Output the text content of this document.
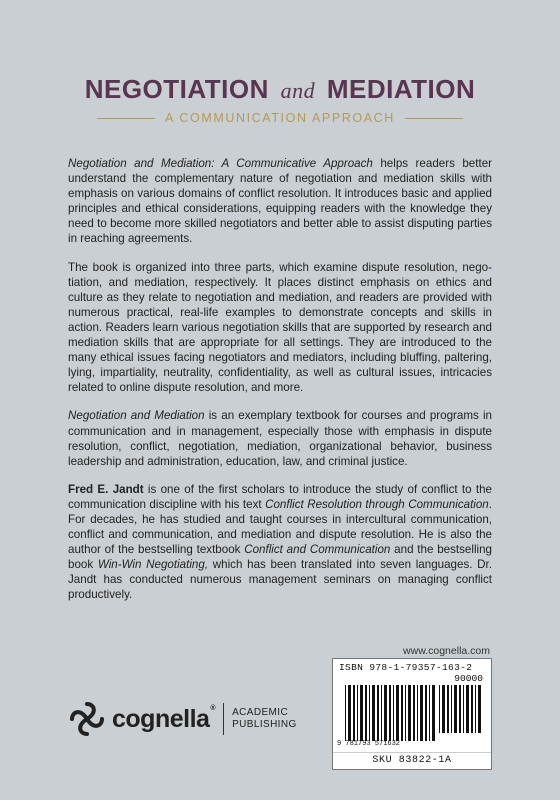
NEGOTIATION and MEDIATION
A COMMUNICATION APPROACH

Negotiation and Mediation: A Communicative Approach helps readers better understand the complementary nature of negotiation and mediation skills with emphasis on various domains of conflict resolution. It introduces basic and applied principles and ethical considerations, equipping readers with the knowledge they need to become more skilled negotiators and better able to assist disputing parties in reaching agreements.

The book is organized into three parts, which examine dispute resolution, negotiation, and mediation, respectively. It places distinct emphasis on ethics and culture as they relate to negotiation and mediation, and readers are provided with numerous practical, real-life examples to demonstrate concepts and skills in action. Readers learn various negotiation skills that are supported by research and mediation skills that are appropriate for all settings. They are introduced to the many ethical issues facing negotiators and mediators, including bluffing, paltering, lying, impartiality, neutrality, confidentiality, as well as cultural issues, intricacies related to online dispute resolution, and more.

Negotiation and Mediation is an exemplary textbook for courses and programs in communication and in management, especially those with emphasis in dispute resolution, conflict, negotiation, mediation, organizational behavior, business leadership and administration, education, law, and criminal justice.

Fred E. Jandt is one of the first scholars to introduce the study of conflict to the communication discipline with his text Conflict Resolution through Communication. For decades, he has studied and taught courses in intercultural communication, conflict and communication, and mediation and dispute resolution. He is also the author of the bestselling textbook Conflict and Communication and the bestselling book Win-Win Negotiating, which has been translated into seven languages. Dr. Jandt has conducted numerous management seminars on managing conflict productively.

cognella® ACADEMIC
PUBLISHING
www.cognella.com
ISBN 978-1-79357-163-2
90000
9 781793 571632
SKU 83822-1A
